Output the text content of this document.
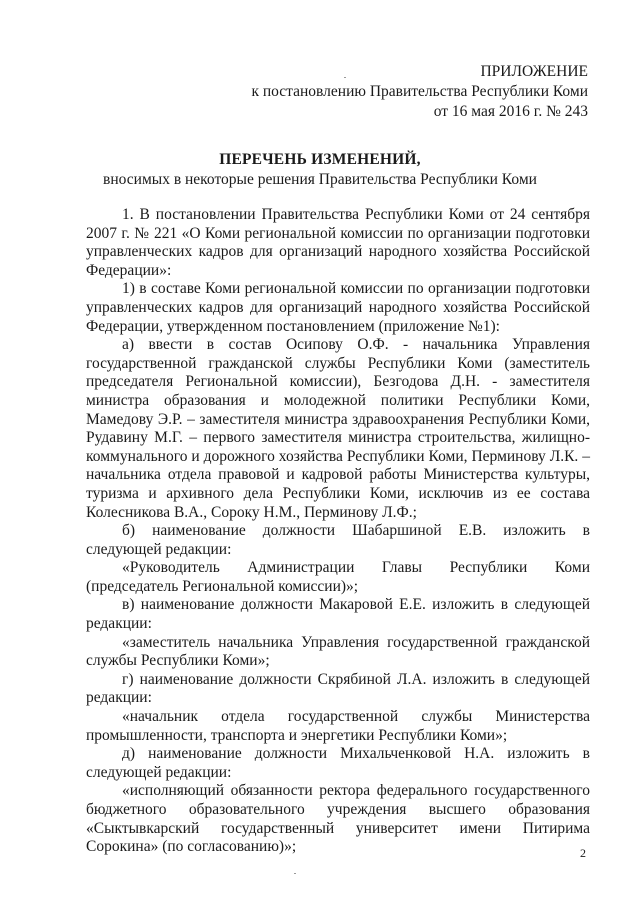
ПРИЛОЖЕНИЕ
к постановлению Правительства Республики Коми
от 16 мая 2016 г. № 243
ПЕРЕЧЕНЬ ИЗМЕНЕНИЙ,
вносимых в некоторые решения Правительства Республики Коми

1. В постановлении Правительства Республики Коми от 24 сентября 2007 г. № 221 «О Коми региональной комиссии по организации подготовки управленческих кадров для организаций народного хозяйства Российской Федерации»:

1) в составе Коми региональной комиссии по организации подготовки управленческих кадров для организаций народного хозяйства Российской Федерации, утвержденном постановлением (приложение №1):

а) ввести в состав Осипову О.Ф. - начальника Управления государственной гражданской службы Республики Коми (заместитель председателя Региональной комиссии), Безгодова Д.Н. - заместителя министра образования и молодежной политики Республики Коми, Мамедову Э.Р. – заместителя министра здравоохранения Республики Коми, Рудавину М.Г. – первого заместителя министра строительства, жилищно-коммунального и дорожного хозяйства Республики Коми, Перминову Л.К. – начальника отдела правовой и кадровой работы Министерства культуры, туризма и архивного дела Республики Коми, исключив из ее состава Колесникова В.А., Сороку Н.М., Перминову Л.Ф.;

б) наименование должности Шабаршиной Е.В. изложить в следующей редакции:

«Руководитель Администрации Главы Республики Коми (председатель Региональной комиссии)»;

в) наименование должности Макаровой Е.Е. изложить в следующей редакции:

«заместитель начальника Управления государственной гражданской службы Республики Коми»;

г) наименование должности Скрябиной Л.А. изложить в следующей редакции:

«начальник отдела государственной службы Министерства промышленности, транспорта и энергетики Республики Коми»;

д) наименование должности Михальченковой Н.А. изложить в следующей редакции:

«исполняющий обязанности ректора федерального государственного бюджетного образовательного учреждения высшего образования «Сыктывкарский государственный университет имени Питирима Сорокина» (по согласованию)»;	2
